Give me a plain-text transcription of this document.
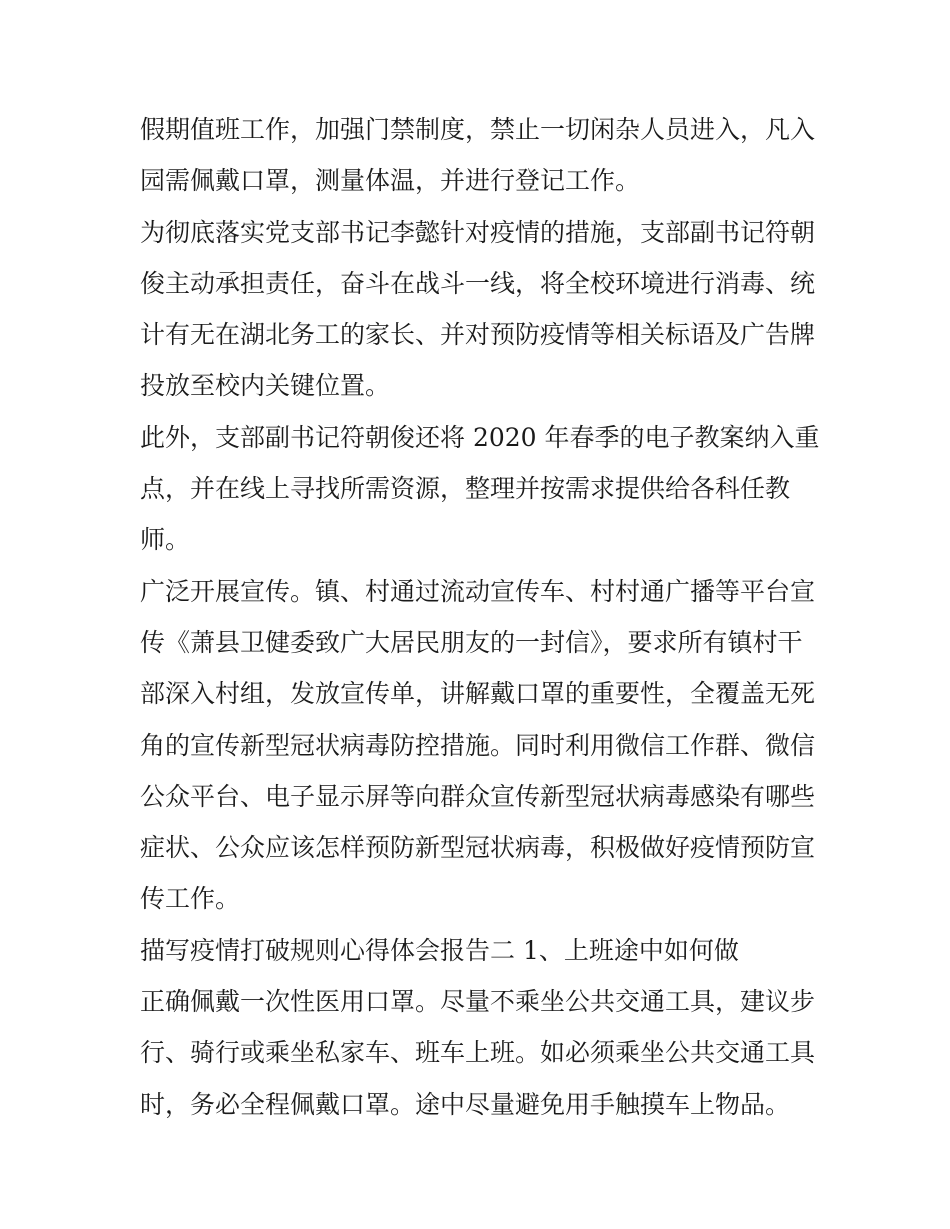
假期值班工作，加强门禁制度，禁止一切闲杂人员进入，凡入
园需佩戴口罩，测量体温，并进行登记工作。
为彻底落实党支部书记李懿针对疫情的措施，支部副书记符朝
俊主动承担责任，奋斗在战斗一线，将全校环境进行消毒、统
计有无在湖北务工的家长、并对预防疫情等相关标语及广告牌
投放至校内关键位置。
此外，支部副书记符朝俊还将 2020 年春季的电子教案纳入重
点，并在线上寻找所需资源，整理并按需求提供给各科任教
师。
广泛开展宣传。镇、村通过流动宣传车、村村通广播等平台宣
传《萧县卫健委致广大居民朋友的一封信》，要求所有镇村干
部深入村组，发放宣传单，讲解戴口罩的重要性，全覆盖无死
角的宣传新型冠状病毒防控措施。同时利用微信工作群、微信
公众平台、电子显示屏等向群众宣传新型冠状病毒感染有哪些
症状、公众应该怎样预防新型冠状病毒，积极做好疫情预防宣
传工作。
描写疫情打破规则心得体会报告二 1、上班途中如何做
正确佩戴一次性医用口罩。尽量不乘坐公共交通工具，建议步
行、骑行或乘坐私家车、班车上班。如必须乘坐公共交通工具
时，务必全程佩戴口罩。途中尽量避免用手触摸车上物品。
